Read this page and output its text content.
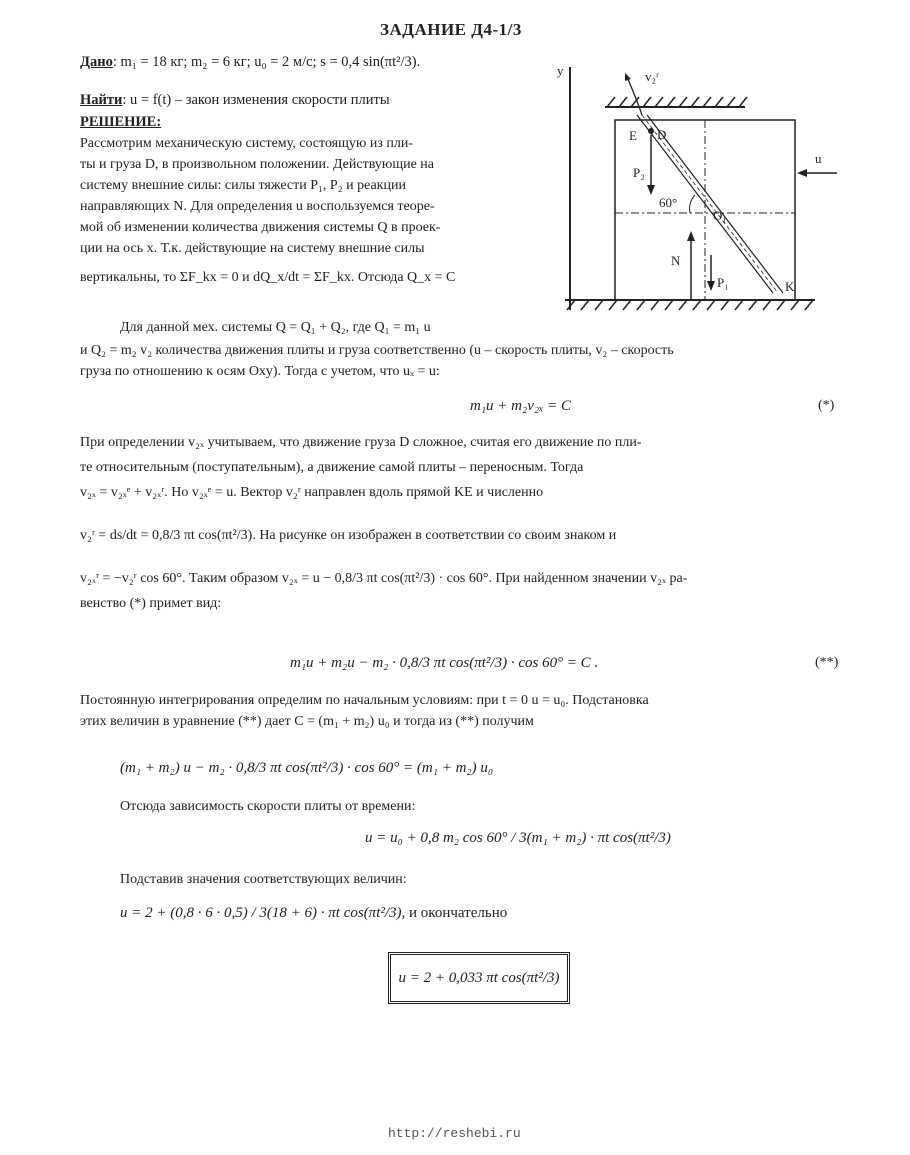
ЗАДАНИЕ Д4-1/3
Дано: m₁ = 18 кг; m₂ = 6 кг; u₀ = 2 м/с; s = 0,4 sin(πt²/3).
Найти: u = f(t) – закон изменения скорости плиты
РЕШЕНИЕ:
Рассмотрим механическую систему, состоящую из пли-
ты и груза D, в произвольном положении. Действующие на
систему внешние силы: силы тяжести P₁, P₂ и реакции
направляющих N. Для определения u воспользуемся теоре-
мой об изменении количества движения системы Q в проек-
ции на ось x. Т.к. действующие на систему внешние силы
вертикальны, то ΣF_kx = 0 и dQ_x/dt = ΣF_kx. Отсюда Q_x = C
y	v₂ʳ
E D
P₂
60°
O₁
N
P₁	K
u
Для данной мех. системы Q = Q₁ + Q₂, где Q₁ = m₁ u
и Q₂ = m₂ v₂ количества движения плиты и груза соответственно (u – скорость плиты, v₂ – скорость
груза по отношению к осям Oxy). Тогда с учетом, что uₓ = u:
m₁u + m₂v₂ₓ = C	(*)
При определении v₂ₓ учитываем, что движение груза D сложное, считая его движение по пли-
те относительным (поступательным), а движение самой плиты – переносным. Тогда
v₂ₓ = v₂ₓᵉ + v₂ₓʳ. Но v₂ₓᵉ = u. Вектор v₂ʳ направлен вдоль прямой KE и численно
v₂ʳ = ds/dt = 0,8/3 πt cos(πt²/3). На рисунке он изображен в соответствии со своим знаком и
v₂ₓʳ = −v₂ʳ cos 60°. Таким образом v₂ₓ = u − 0,8/3 πt cos(πt²/3) · cos 60°. При найденном значении v₂ₓ ра-
венство (*) примет вид:
m₁u + m₂u − m₂ · 0,8/3 πt cos(πt²/3) · cos 60° = C .	(**)
Постоянную интегрирования определим по начальным условиям: при t = 0 u = u₀. Подстановка
этих величин в уравнение (**) дает C = (m₁ + m₂) u₀ и тогда из (**) получим
(m₁ + m₂) u − m₂ · 0,8/3 πt cos(πt²/3) · cos 60° = (m₁ + m₂) u₀
Отсюда зависимость скорости плиты от времени:
u = u₀ + 0,8 m₂ cos 60° / 3(m₁ + m₂) · πt cos(πt²/3)
Подставив значения соответствующих величин:
u = 2 + (0,8 · 6 · 0,5) / 3(18 + 6) · πt cos(πt²/3), и окончательно
u = 2 + 0,033 πt cos(πt²/3)
http://reshebi.ru
